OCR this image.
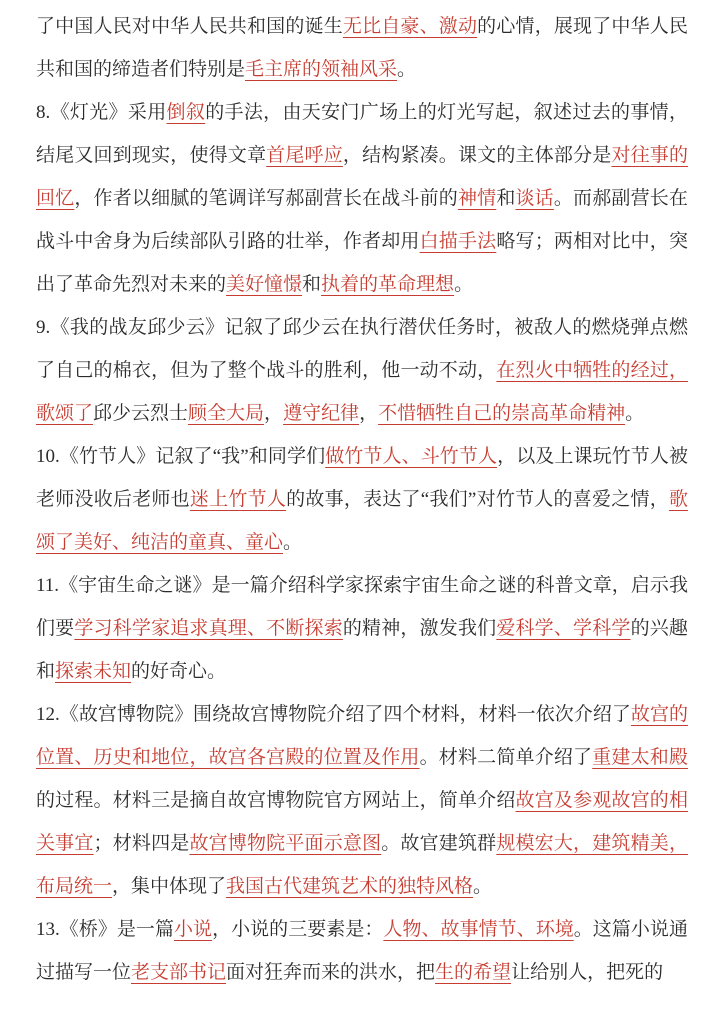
了中国人民对中华人民共和国的诞生无比自豪、激动的心情，展现了中华人民共和国的缔造者们特别是毛主席的领袖风采。

8.《灯光》采用倒叙的手法，由天安门广场上的灯光写起，叙述过去的事情，结尾又回到现实，使得文章首尾呼应，结构紧凑。课文的主体部分是对往事的回忆，作者以细腻的笔调详写郝副营长在战斗前的神情和谈话。而郝副营长在战斗中舍身为后续部队引路的壮举，作者却用白描手法略写；两相对比中，突出了革命先烈对未来的美好憧憬和执着的革命理想。

9.《我的战友邱少云》记叙了邱少云在执行潜伏任务时，被敌人的燃烧弹点燃了自己的棉衣，但为了整个战斗的胜利，他一动不动，在烈火中牺牲的经过，歌颂了邱少云烈士顾全大局，遵守纪律，不惜牺牲自己的崇高革命精神。

10.《竹节人》记叙了“我”和同学们做竹节人、斗竹节人，以及上课玩竹节人被老师没收后老师也迷上竹节人的故事，表达了“我们”对竹节人的喜爱之情，歌颂了美好、纯洁的童真、童心。

11.《宇宙生命之谜》是一篇介绍科学家探索宇宙生命之谜的科普文章，启示我们要学习科学家追求真理、不断探索的精神，激发我们爱科学、学科学的兴趣和探索未知的好奇心。

12.《故宫博物院》围绕故宫博物院介绍了四个材料，材料一依次介绍了故宫的位置、历史和地位，故宫各宫殿的位置及作用。材料二简单介绍了重建太和殿的过程。材料三是摘自故宫博物院官方网站上，简单介绍故宫及参观故宫的相关事宜；材料四是故宫博物院平面示意图。故官建筑群规模宏大，建筑精美，布局统一，集中体现了我国古代建筑艺术的独特风格。

13.《桥》是一篇小说，小说的三要素是：人物、故事情节、环境。这篇小说通过描写一位老支部书记面对狂奔而来的洪水，把生的希望让给别人，把死的
